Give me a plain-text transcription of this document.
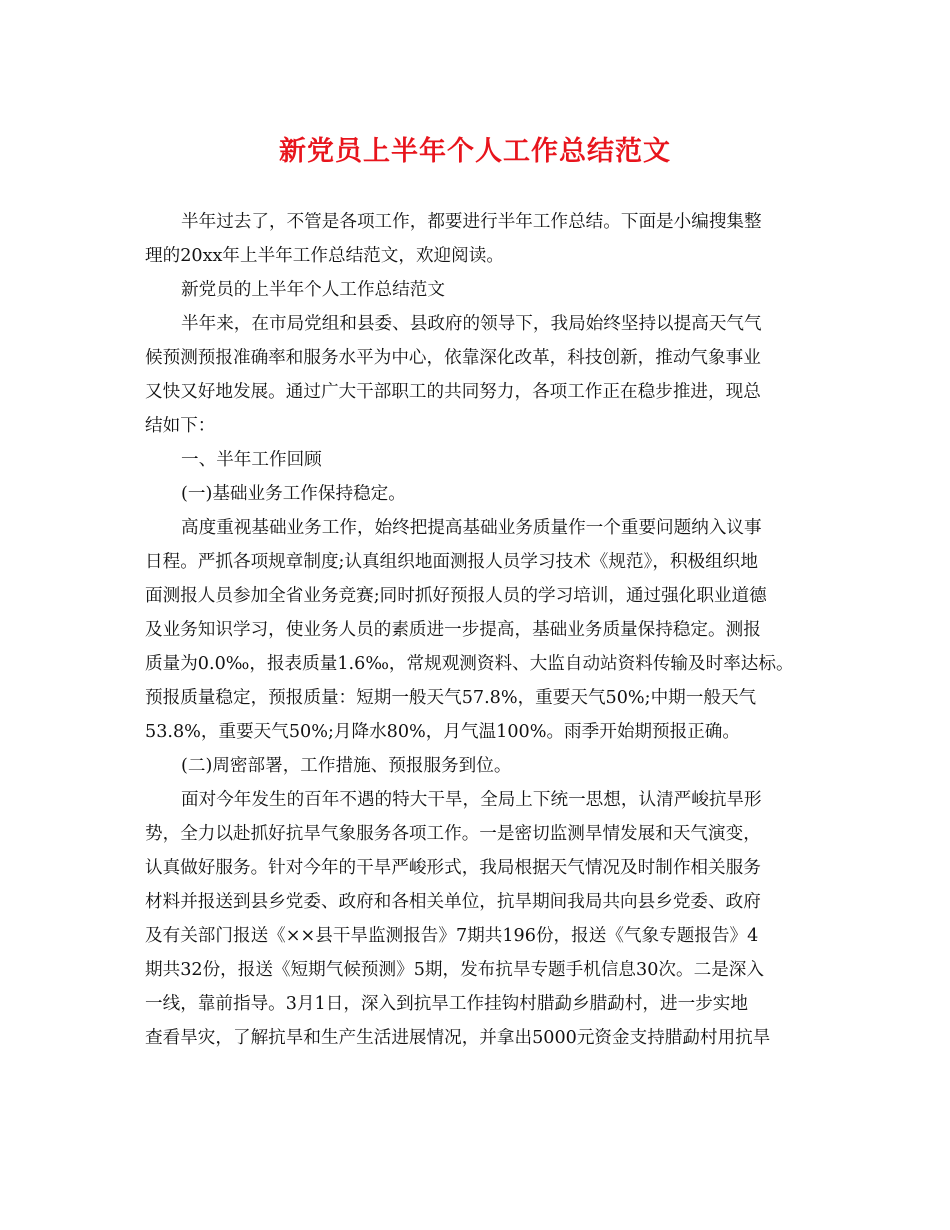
新党员上半年个人工作总结范文

半年过去了，不管是各项工作，都要进行半年工作总结。下面是小编搜集整

理的20xx年上半年工作总结范文，欢迎阅读。

新党员的上半年个人工作总结范文

半年来，在市局党组和县委、县政府的领导下，我局始终坚持以提高天气气

候预测预报准确率和服务水平为中心，依靠深化改革，科技创新，推动气象事业

又快又好地发展。通过广大干部职工的共同努力，各项工作正在稳步推进，现总

结如下：

一、半年工作回顾

(一)基础业务工作保持稳定。

高度重视基础业务工作，始终把提高基础业务质量作一个重要问题纳入议事

日程。严抓各项规章制度;认真组织地面测报人员学习技术《规范》，积极组织地

面测报人员参加全省业务竞赛;同时抓好预报人员的学习培训，通过强化职业道德

及业务知识学习，使业务人员的素质进一步提高，基础业务质量保持稳定。测报

质量为0.0‰，报表质量1.6‰，常规观测资料、大监自动站资料传输及时率达标。

预报质量稳定，预报质量：短期一般天气57.8%，重要天气50%;中期一般天气

53.8%，重要天气50%;月降水80%，月气温100%。雨季开始期预报正确。

(二)周密部署，工作措施、预报服务到位。

面对今年发生的百年不遇的特大干旱，全局上下统一思想，认清严峻抗旱形

势，全力以赴抓好抗旱气象服务各项工作。一是密切监测旱情发展和天气演变，

认真做好服务。针对今年的干旱严峻形式，我局根据天气情况及时制作相关服务

材料并报送到县乡党委、政府和各相关单位，抗旱期间我局共向县乡党委、政府

及有关部门报送《××县干旱监测报告》7期共196份，报送《气象专题报告》4

期共32份，报送《短期气候预测》5期，发布抗旱专题手机信息30次。二是深入

一线，靠前指导。3月1日，深入到抗旱工作挂钩村腊勐乡腊勐村，进一步实地

查看旱灾，了解抗旱和生产生活进展情况，并拿出5000元资金支持腊勐村用抗旱
